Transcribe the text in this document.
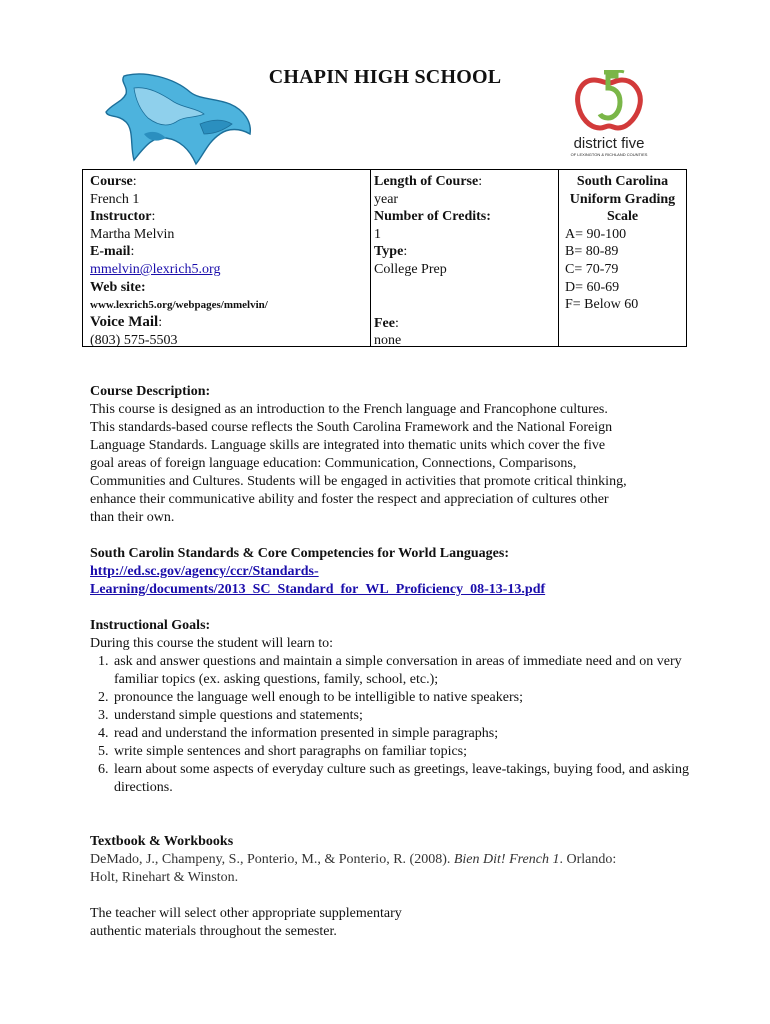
CHAPIN HIGH SCHOOL
district five
OF LEXINGTON & RICHLAND COUNTIES
Course:
French 1
Instructor:
Martha Melvin
E-mail:
mmelvin@lexrich5.org
Web site:
www.lexrich5.org/webpages/mmelvin/
Voice Mail:
(803) 575-5503
Length of Course:
year
Number of Credits:
1
Type:
College Prep
Fee:
none
South Carolina
Uniform Grading
Scale
A= 90-100
B= 80-89
C= 70-79
D= 60-69
F= Below 60
Course Description:
This course is designed as an introduction to the French language and Francophone cultures.
This standards-based course reflects the South Carolina Framework and the National Foreign
Language Standards. Language skills are integrated into thematic units which cover the five
goal areas of foreign language education: Communication, Connections, Comparisons,
Communities and Cultures. Students will be engaged in activities that promote critical thinking,
enhance their communicative ability and foster the respect and appreciation of cultures other
than their own.
South Carolin Standards & Core Competencies for World Languages:
http://ed.sc.gov/agency/ccr/Standards-
Learning/documents/2013_SC_Standard_for_WL_Proficiency_08-13-13.pdf
Instructional Goals:
During this course the student will learn to:
1. ask and answer questions and maintain a simple conversation in areas of immediate need and on very familiar topics (ex. asking questions, family, school, etc.);
2. pronounce the language well enough to be intelligible to native speakers;
3. understand simple questions and statements;
4. read and understand the information presented in simple paragraphs;
5. write simple sentences and short paragraphs on familiar topics;
6. learn about some aspects of everyday culture such as greetings, leave-takings, buying food, and asking directions.
Textbook & Workbooks
DeMado, J., Champeny, S., Ponterio, M., & Ponterio, R. (2008). Bien Dit! French 1. Orlando:
Holt, Rinehart & Winston.
The teacher will select other appropriate supplementary
authentic materials throughout the semester.
